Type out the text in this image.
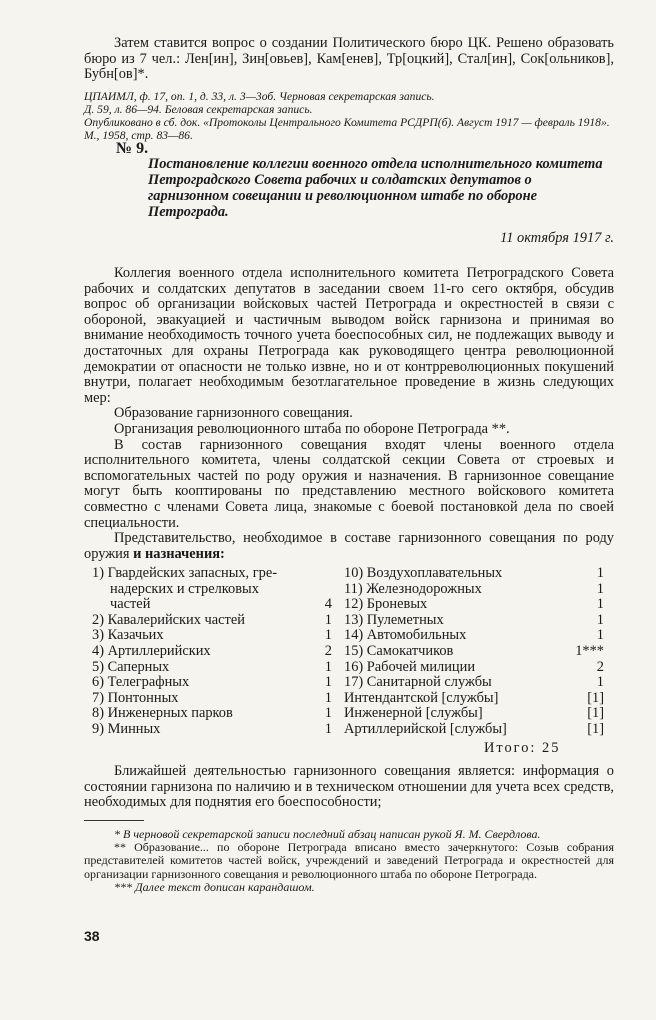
Затем ставится вопрос о создании Политического бюро ЦК. Решено образовать бюро из 7 чел.: Лен[ин], Зин[овьев], Кам[енев], Тр[оцкий], Стал[ин], Сок[ольников], Бубн[ов]*.

ЦПАИМЛ, ф. 17, оп. 1, д. 33, л. 3—3об. Черновая секретарская запись.

Д. 59, л. 86—94. Беловая секретарская запись.

Опубликовано в сб. док. «Протоколы Центрального Комитета РСДРП(б). Август 1917 — февраль 1918». М., 1958, стр. 83—86.

№ 9.

Постановление коллегии военного отдела исполнительного комитета Петроградского Совета рабочих и солдатских депутатов о гарнизонном совещании и революционном штабе по обороне Петрограда.

11 октября 1917 г.

Коллегия военного отдела исполнительного комитета Петроградского Совета рабочих и солдатских депутатов в заседании своем 11-го сего октября, обсудив вопрос об организации войсковых частей Петрограда и окрестностей в связи с обороной, эвакуацией и частичным выводом войск гарнизона и принимая во внимание необходимость точного учета боеспособных сил, не подлежащих выводу и достаточных для охраны Петрограда как руководящего центра революционной демократии от опасности не только извне, но и от контрреволюционных покушений внутри, полагает необходимым безотлагательное проведение в жизнь следующих мер:

Образование гарнизонного совещания.

Организация революционного штаба по обороне Петрограда **.

В состав гарнизонного совещания входят члены военного отдела исполнительного комитета, члены солдатской секции Совета от строевых и вспомогательных частей по роду оружия и назначения. В гарнизонное совещание могут быть кооптированы по представлению местного войскового комитета совместно с членами Совета лица, знакомые с боевой постановкой дела по своей специальности.

Представительство, необходимое в составе гарнизонного совещания по роду оружия и назначения:

1) Гвардейских запасных, гре-
надерских и стрелковых
частей	4
2) Кавалерийских частей	1
3) Казачьих	1
4) Артиллерийских	2
5) Саперных	1
6) Телеграфных	1
7) Понтонных	1
8) Инженерных парков	1
9) Минных	1
10) Воздухоплавательных	1
11) Железнодорожных	1
12) Броневых	1
13) Пулеметных	1
14) Автомобильных	1
15) Самокатчиков	1***
16) Рабочей милиции	2
17) Санитарной службы	1
Интендантской [службы]	[1]
Инженерной [службы]	[1]
Артиллерийской [службы]	[1]
Итого: 25

Ближайшей деятельностью гарнизонного совещания является: информация о состоянии гарнизона по наличию и в техническом отношении для учета всех средств, необходимых для поднятия его боеспособности;

* В черновой секретарской записи последний абзац написан рукой Я. М. Свердлова.

** Образование... по обороне Петрограда вписано вместо зачеркнутого: Созыв собрания представителей комитетов частей войск, учреждений и заведений Петрограда и окрестностей для организации гарнизонного совещания и революционного штаба по обороне Петрограда.

*** Далее текст дописан карандашом.

38
